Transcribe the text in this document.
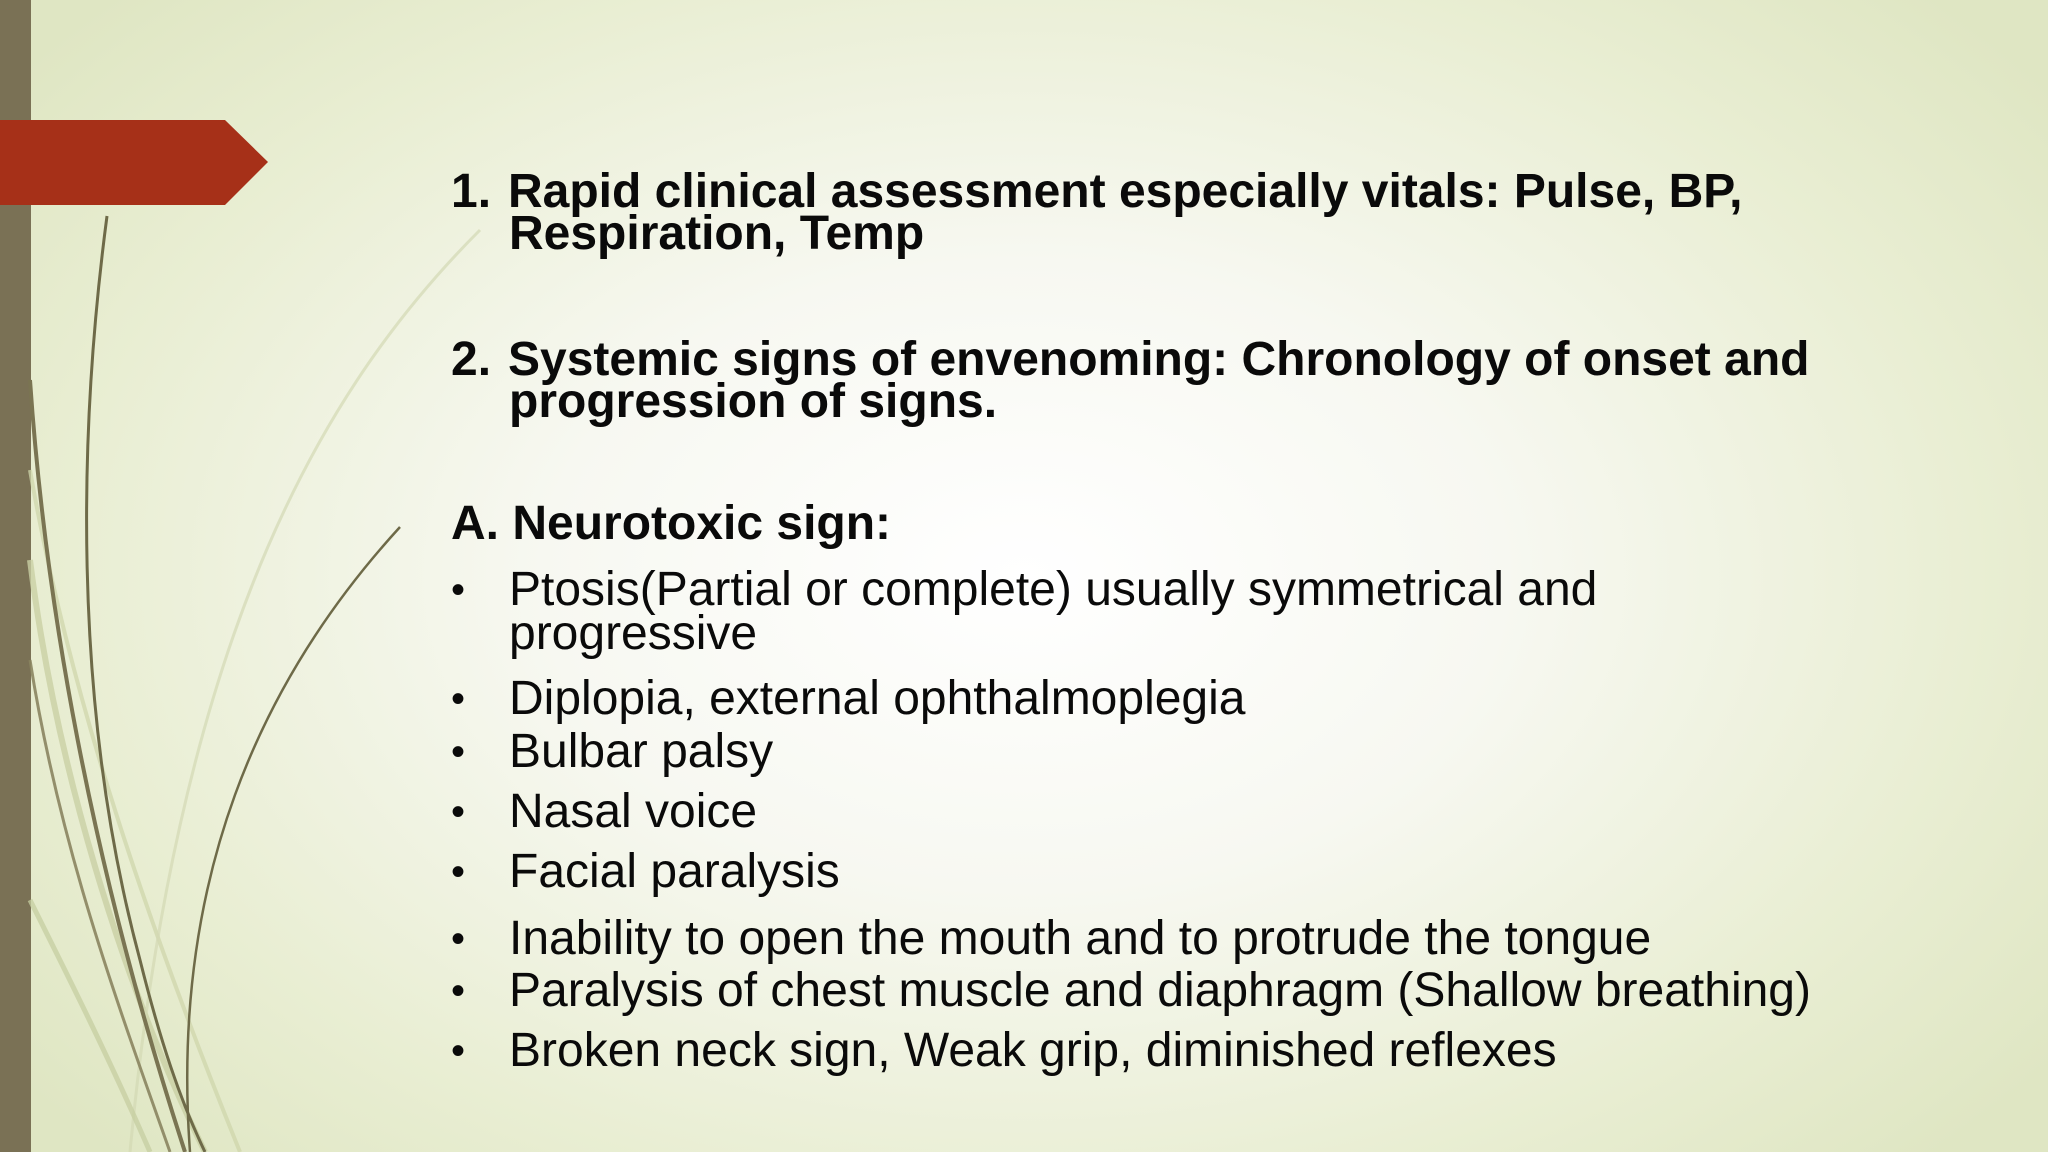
1. Rapid clinical assessment especially vitals: Pulse, BP,
Respiration, Temp
2. Systemic signs of envenoming: Chronology of onset and
progression of signs.
A. Neurotoxic sign:
• Ptosis(Partial or complete) usually symmetrical and
progressive
• Diplopia, external ophthalmoplegia
• Bulbar palsy
• Nasal voice
• Facial paralysis
• Inability to open the mouth and to protrude the tongue
• Paralysis of chest muscle and diaphragm (Shallow breathing)
• Broken neck sign, Weak grip, diminished reflexes
